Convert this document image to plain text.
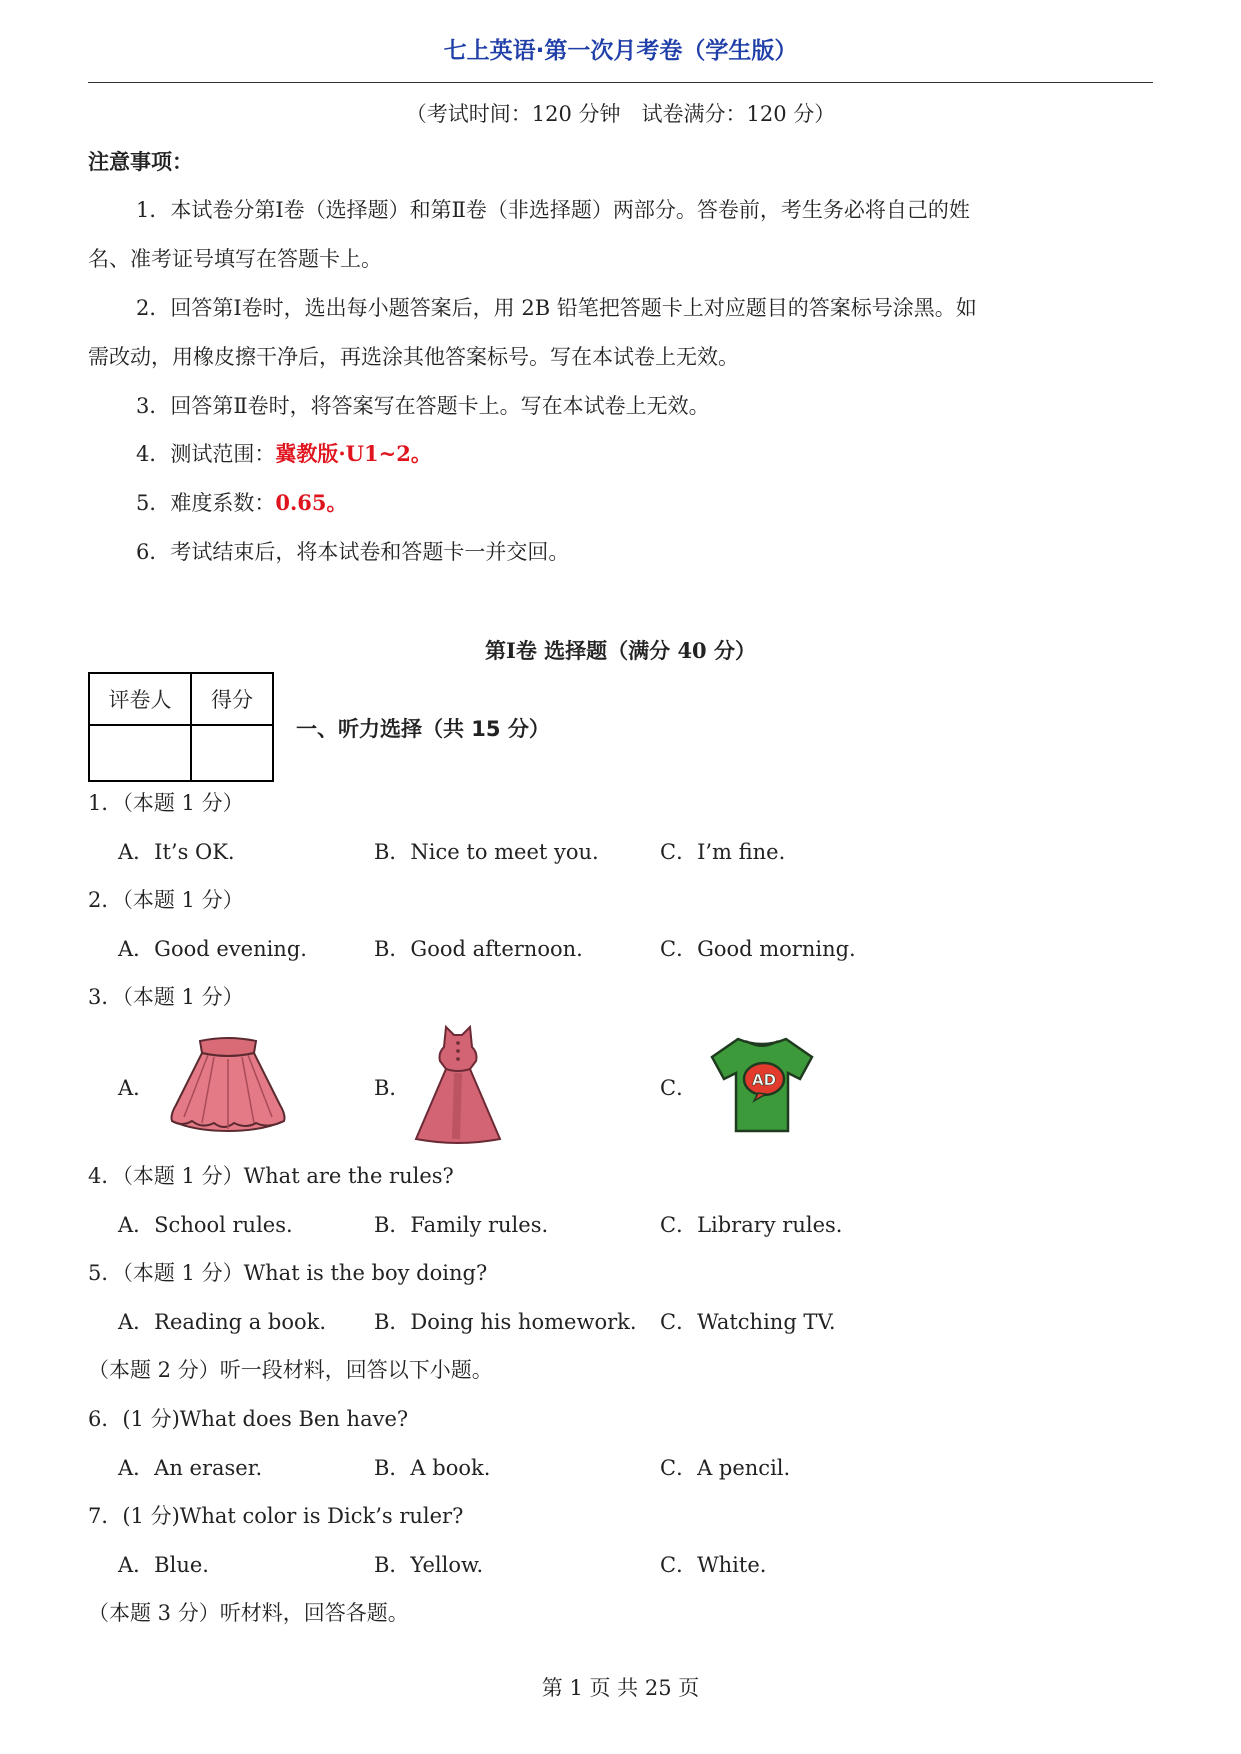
七上英语·第一次月考卷（学生版）
（考试时间：120 分钟　试卷满分：120 分）
注意事项：
1．本试卷分第Ⅰ卷（选择题）和第Ⅱ卷（非选择题）两部分。答卷前，考生务必将自己的姓
名、准考证号填写在答题卡上。
2．回答第Ⅰ卷时，选出每小题答案后，用 2B 铅笔把答题卡上对应题目的答案标号涂黑。如
需改动，用橡皮擦干净后，再选涂其他答案标号。写在本试卷上无效。
3．回答第Ⅱ卷时，将答案写在答题卡上。写在本试卷上无效。
4．测试范围：冀教版·U1~2。
5．难度系数：0.65。
6．考试结束后，将本试卷和答题卡一并交回。
第Ⅰ卷 选择题（满分 40 分）
评卷人	得分

一、听力选择（共 15 分）
1．（本题 1 分）
A．It’s OK.	B．Nice to meet you.	C．I’m fine.
2．（本题 1 分）
A．Good evening.	B．Good afternoon.	C．Good morning.
3．（本题 1 分）
A．	B．	C．	AD
4．（本题 1 分）What are the rules?
A．School rules.	B．Family rules.	C．Library rules.
5．（本题 1 分）What is the boy doing?
A．Reading a book. B．Doing his homework. C．Watching TV.
（本题 2 分）听一段材料，回答以下小题。
6．(1 分)What does Ben have?
A．An eraser.	B．A book.	C．A pencil.
7．(1 分)What color is Dick’s ruler?
A．Blue.	B．Yellow.	C．White.
（本题 3 分）听材料，回答各题。
第 1 页 共 25 页
